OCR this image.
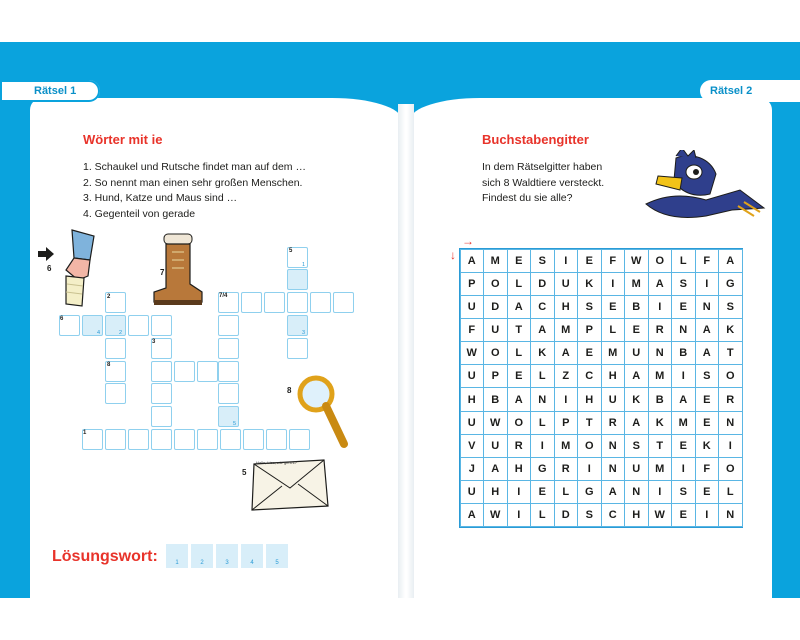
Rätsel 1	Rätsel 2
Wörter mit ie
1. Schaukel und Rutsche findet man auf dem …
2. So nennt man einen sehr großen Menschen.
3. Hund, Katze und Maus sind …
4. Gegenteil von gerade
6	7
8
5
Hallo, Lisa, wie geht's?
5
2	7/4
6
3
8
1
4	2
1
3
5
Lösungswort:	1	2	3	4	5
Buchstabengitter
In dem Rätselgitter haben
sich 8 Waldtiere versteckt.
Findest du sie alle?
→
↓	A	M	E	S	I	E	F	W	O	L	F	A
P	O	L	D	U	K	I	M	A	S	I	G
U	D	A	C	H	S	E	B	I	E	N	S
F	U	T	A	M	P	L	E	R	N	A	K
W	O	L	K	A	E	M	U	N	B	A	T
U	P	E	L	Z	C	H	A	M	I	S	O
H	B	A	N	I	H	U	K	B	A	E	R
U	W	O	L	P	T	R	A	K	M	E	N
V	U	R	I	M	O	N	S	T	E	K	I
J	A	H	G	R	I	N	U	M	I	F	O
U	H	I	E	L	G	A	N	I	S	E	L
A	W	I	L	D	S	C	H	W	E	I	N
